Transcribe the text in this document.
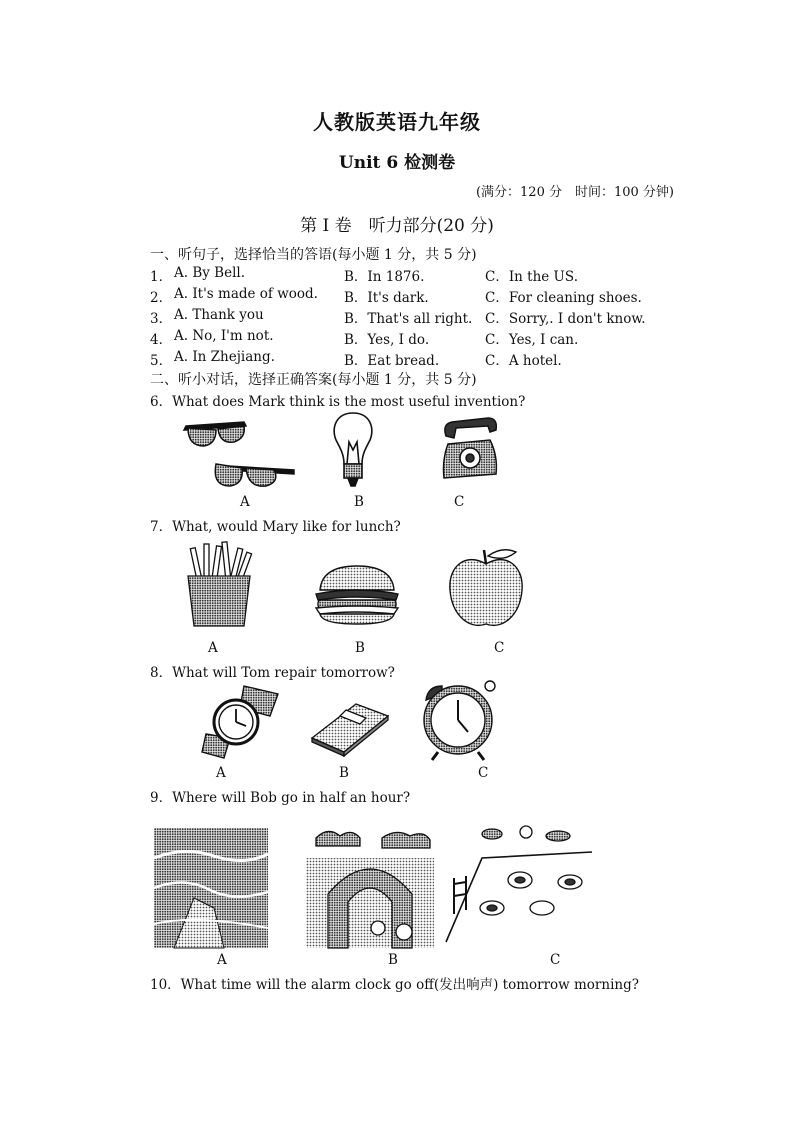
人教版英语九年级
Unit 6 检测卷
(满分：120 分　时间：100 分钟)
第 I 卷　听力部分(20 分)
一、听句子，选择恰当的答语(每小题 1 分，共 5 分)
1． A. By Bell.	B．In 1876.	C．In the US.
2． A. It's made of wood. B．It's dark.	C．For cleaning shoes.
3． A. Thank you	B．That's all right. C．Sorry,. I don't know.
4． A. No, I'm not.	B．Yes, I do.	C．Yes, I can.
5． A. In Zhejiang.	B．Eat bread.	C．A hotel.
二、听小对话，选择正确答案(每小题 1 分，共 5 分)
6．What does Mark think is the most useful invention?
A	B	C
7．What, would Mary like for lunch?
A	B	C
8．What will Tom repair tomorrow?
A	B	C
9．Where will Bob go in half an hour?
A	B	C
10．What time will the alarm clock go off(发出响声) tomorrow morning?
